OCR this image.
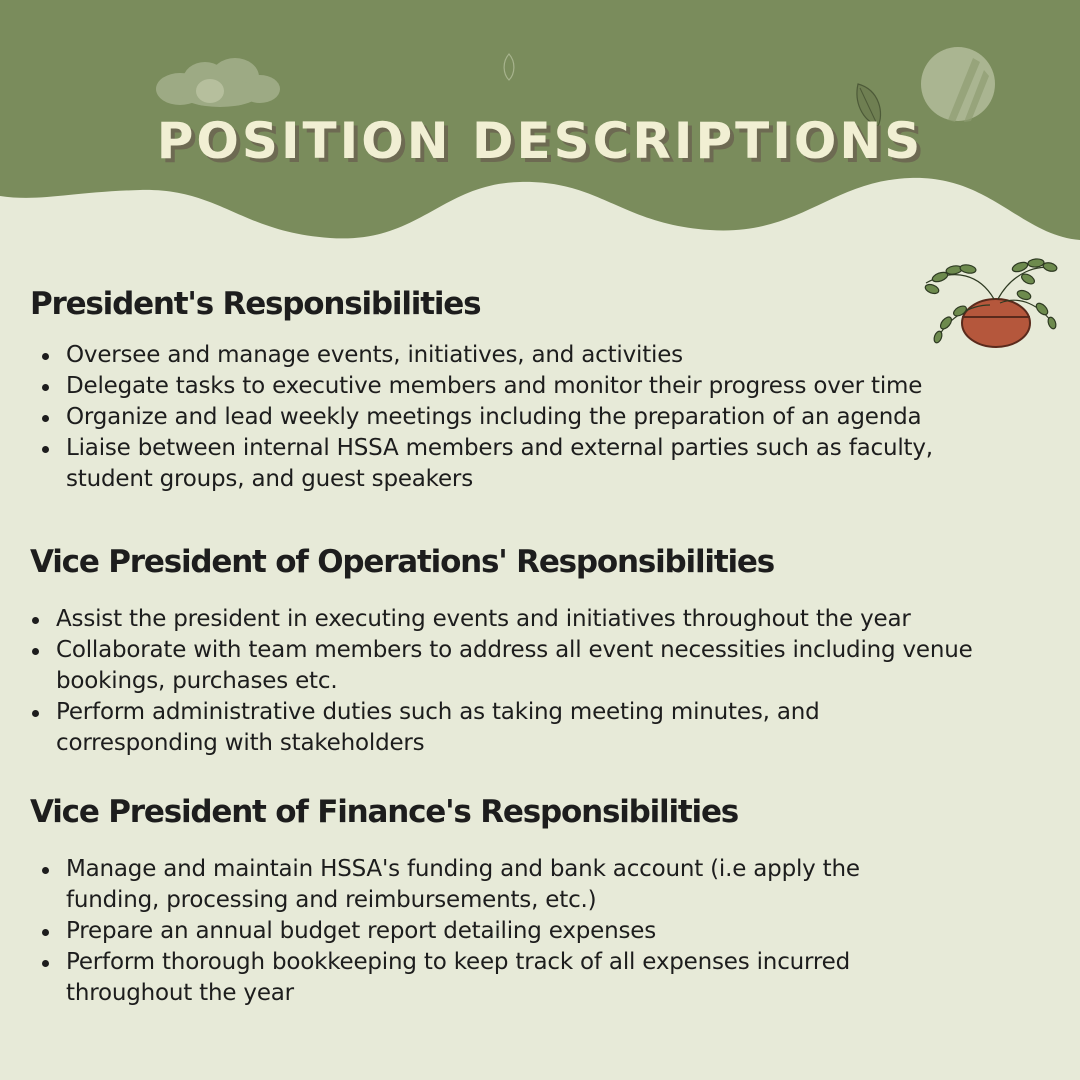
POSITION DESCRIPTIONS
President's Responsibilities
Oversee and manage events, initiatives, and activities
Delegate tasks to executive members and monitor their progress over time
Organize and lead weekly meetings including the preparation of an agenda
Liaise between internal HSSA members and external parties such as faculty, student groups, and guest speakers
Vice President of Operations' Responsibilities
Assist the president in executing events and initiatives throughout the year
Collaborate with team members to address all event necessities including venue bookings, purchases etc.
Perform administrative duties such as taking meeting minutes, and corresponding with stakeholders
Vice President of Finance's Responsibilities
Manage and maintain HSSA's funding and bank account (i.e apply the funding, processing and reimbursements, etc.)
Prepare an annual budget report detailing expenses
Perform thorough bookkeeping to keep track of all expenses incurred throughout the year
